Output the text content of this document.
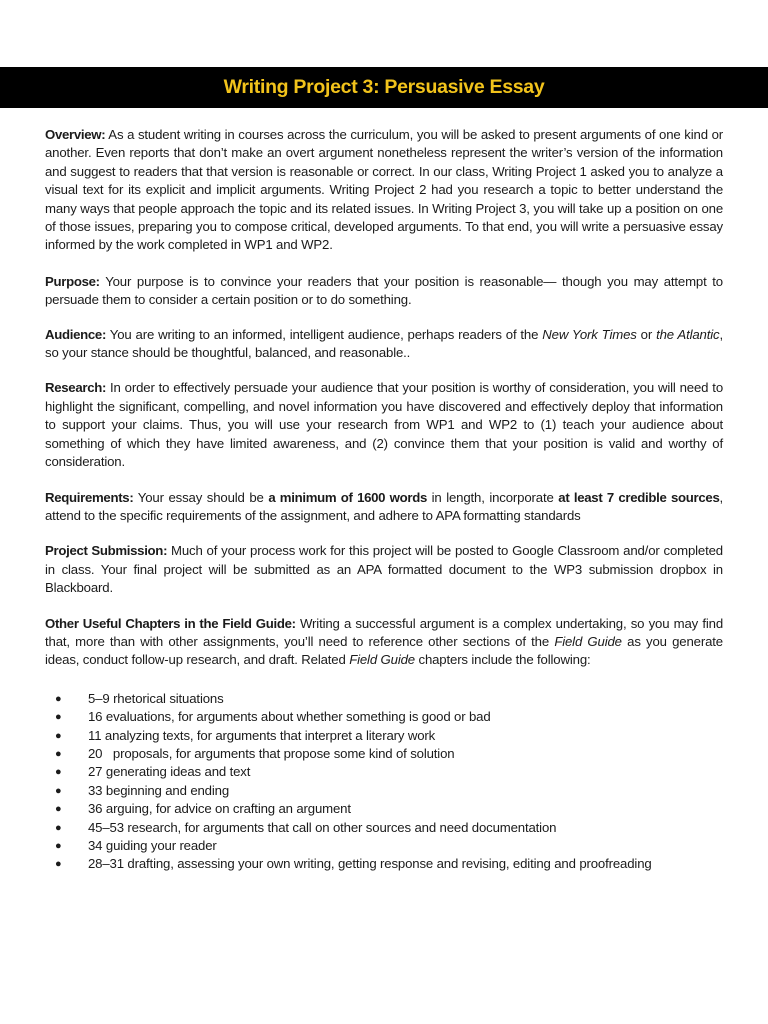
Writing Project 3: Persuasive Essay

Overview: As a student writing in courses across the curriculum, you will be asked to present arguments of one kind or another. Even reports that don’t make an overt argument nonetheless represent the writer’s version of the information and suggest to readers that that version is reasonable or correct. In our class, Writing Project 1 asked you to analyze a visual text for its explicit and implicit arguments. Writing Project 2 had you research a topic to better understand the many ways that people approach the topic and its related issues. In Writing Project 3, you will take up a position on one of those issues, preparing you to compose critical, developed arguments. To that end, you will write a persuasive essay informed by the work completed in WP1 and WP2.

Purpose: Your purpose is to convince your readers that your position is reasonable— though you may attempt to persuade them to consider a certain position or to do something.

Audience: You are writing to an informed, intelligent audience, perhaps readers of the New York Times or the Atlantic, so your stance should be thoughtful, balanced, and reasonable..

Research: In order to effectively persuade your audience that your position is worthy of consideration, you will need to highlight the significant, compelling, and novel information you have discovered and effectively deploy that information to support your claims. Thus, you will use your research from WP1 and WP2 to (1) teach your audience about something of which they have limited awareness, and (2) convince them that your position is valid and worthy of consideration.

Requirements: Your essay should be a minimum of 1600 words in length, incorporate at least 7 credible sources, attend to the specific requirements of the assignment, and adhere to APA formatting standards

Project Submission: Much of your process work for this project will be posted to Google Classroom and/or completed in class. Your final project will be submitted as an APA formatted document to the WP3 submission dropbox in Blackboard.

Other Useful Chapters in the Field Guide: Writing a successful argument is a complex undertaking, so you may find that, more than with other assignments, you’ll need to reference other sections of the Field Guide as you generate ideas, conduct follow-up research, and draft. Related Field Guide chapters include the following:

● 5–9 rhetorical situations
● 16 evaluations, for arguments about whether something is good or bad
● 11 analyzing texts, for arguments that interpret a literary work
● 20   proposals, for arguments that propose some kind of solution
● 27 generating ideas and text
● 33 beginning and ending
● 36 arguing, for advice on crafting an argument
● 45–53 research, for arguments that call on other sources and need documentation
● 34 guiding your reader
● 28–31 drafting, assessing your own writing, getting response and revising, editing and proofreading
